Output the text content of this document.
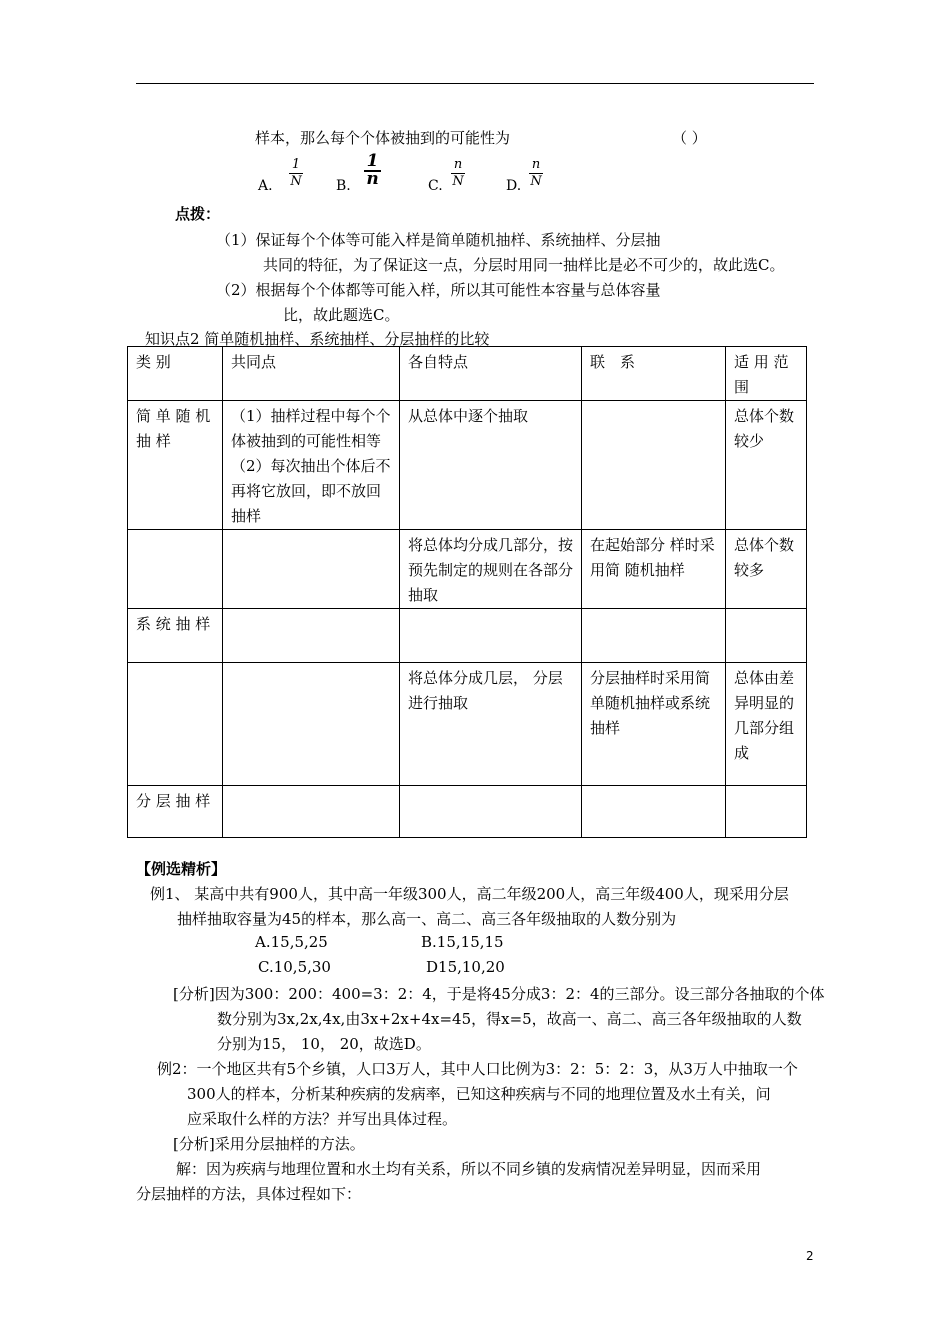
样本，那么每个个体被抽到的可能性为	（ ）
A.
1
N B.
1
n	C.
n
N	D.
n
N
点拨：
（1）保证每个个体等可能入样是简单随机抽样、系统抽样、分层抽
共同的特征，为了保证这一点，分层时用同一抽样比是必不可少的，故此选C。
（2）根据每个个体都等可能入样，所以其可能性本容量与总体容量
比，故此题选C。
知识点2 简单随机抽样、系统抽样、分层抽样的比较
类 别	共同点	各自特点	联　系	适 用 范 围
简 单 随 机 抽 样	（1）抽样过程中每个个体被抽到的可能性相等 （2）每次抽出个体后不再将它放回，即不放回抽样	从总体中逐个抽取		总体个数较少
		将总体均分成几部分，按预先制定的规则在各部分抽取	在起始部分 样时采用简 随机抽样	总体个数较多
系 统 抽 样				
		将总体分成几层， 分层进行抽取	分层抽样时采用简单随机抽样或系统抽样	总体由差异明显的几部分组成
分 层 抽 样				
【例选精析】
例1、 某高中共有900人，其中高一年级300人，高二年级200人，高三年级400人，现采用分层
抽样抽取容量为45的样本，那么高一、高二、高三各年级抽取的人数分别为
A.15,5,25	B.15,15,15
C.10,5,30	D15,10,20
[分析]因为300：200：400=3：2：4，于是将45分成3：2：4的三部分。设三部分各抽取的个体
数分别为3x,2x,4x,由3x+2x+4x=45，得x=5，故高一、高二、高三各年级抽取的人数
分别为15， 10， 20，故选D。
例2：一个地区共有5个乡镇，人口3万人，其中人口比例为3：2：5：2：3，从3万人中抽取一个
300人的样本，分析某种疾病的发病率，已知这种疾病与不同的地理位置及水土有关，问
应采取什么样的方法？并写出具体过程。
[分析]采用分层抽样的方法。
解：因为疾病与地理位置和水土均有关系，所以不同乡镇的发病情况差异明显，因而采用
分层抽样的方法，具体过程如下：
2
